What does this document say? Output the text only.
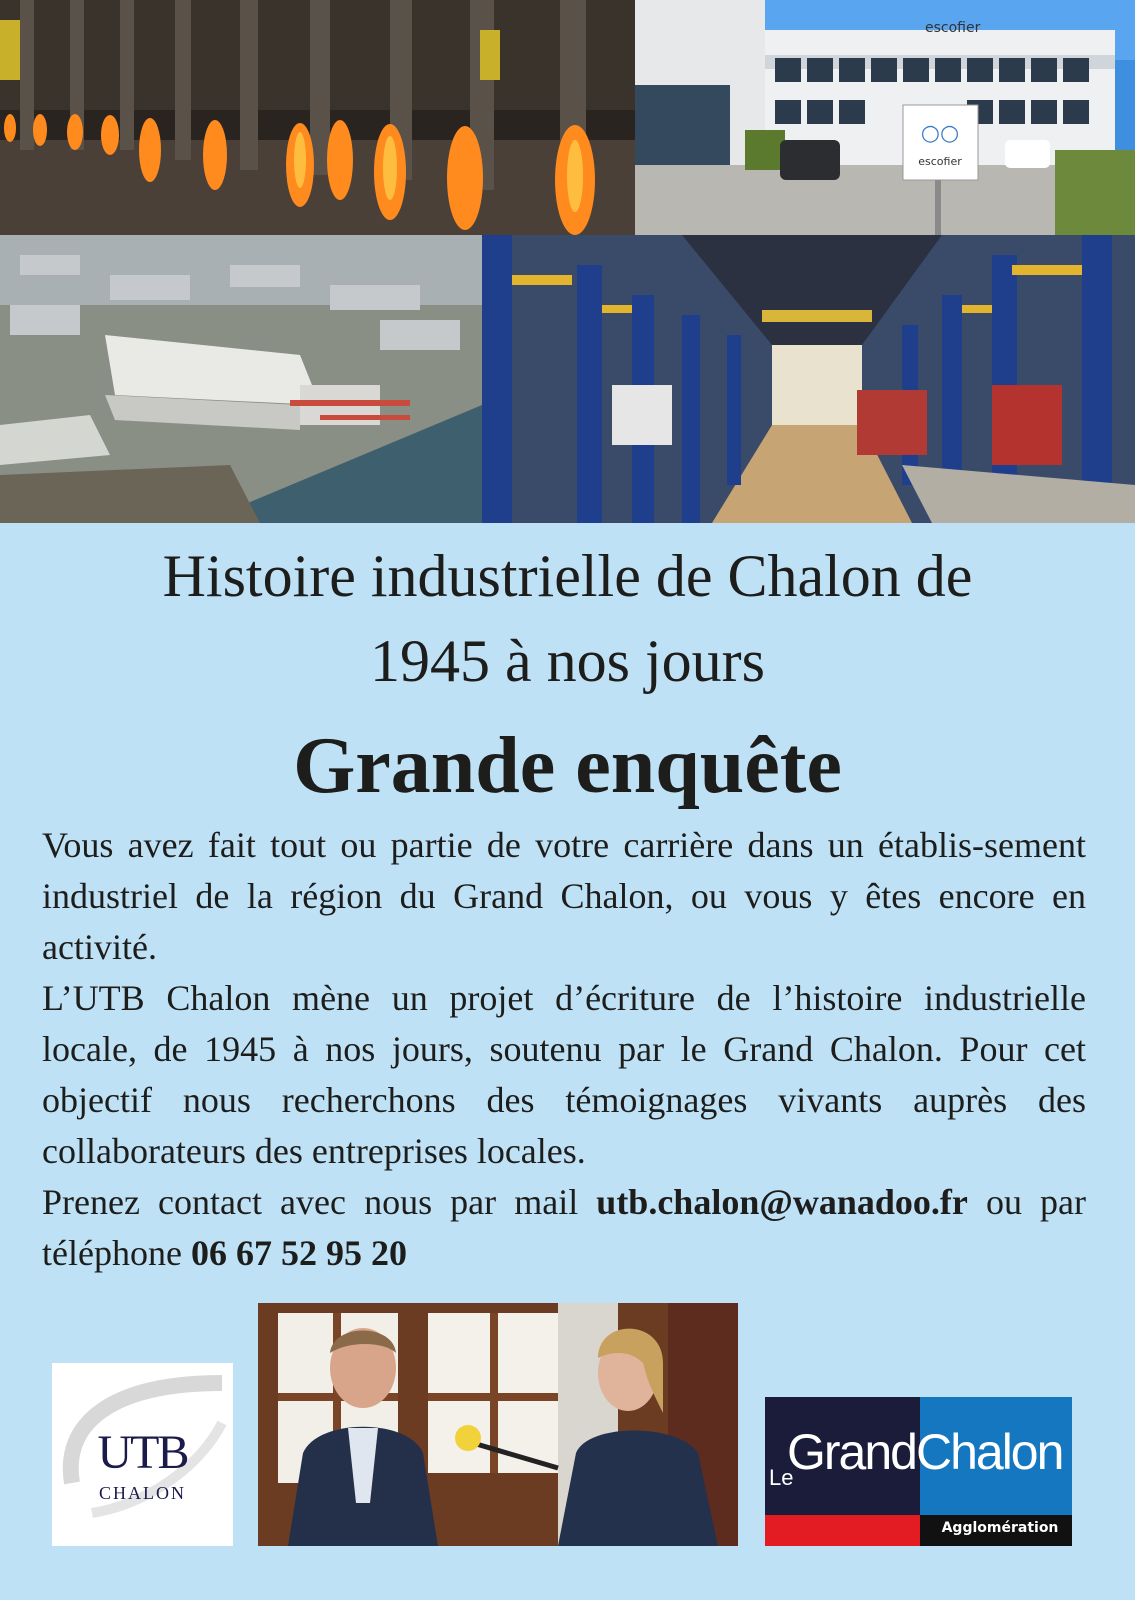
○○
escofier
escofier
Histoire industrielle de Chalon de
1945 à nos jours
Grande enquête

Vous avez fait tout ou partie de votre carrière dans un établis-sement industriel de la région du Grand Chalon, ou vous y êtes encore en activité.

L’UTB Chalon mène un projet d’écriture de l’histoire industrielle locale, de 1945 à nos jours, soutenu par le Grand Chalon. Pour cet objectif nous recherchons des témoignages vivants auprès des collaborateurs des entreprises locales.

Prenez contact avec nous par mail utb.chalon@wanadoo.fr ou par téléphone 06 67 52 95 20

UTB
CHALON
Le
GrandChalon
Agglomération
